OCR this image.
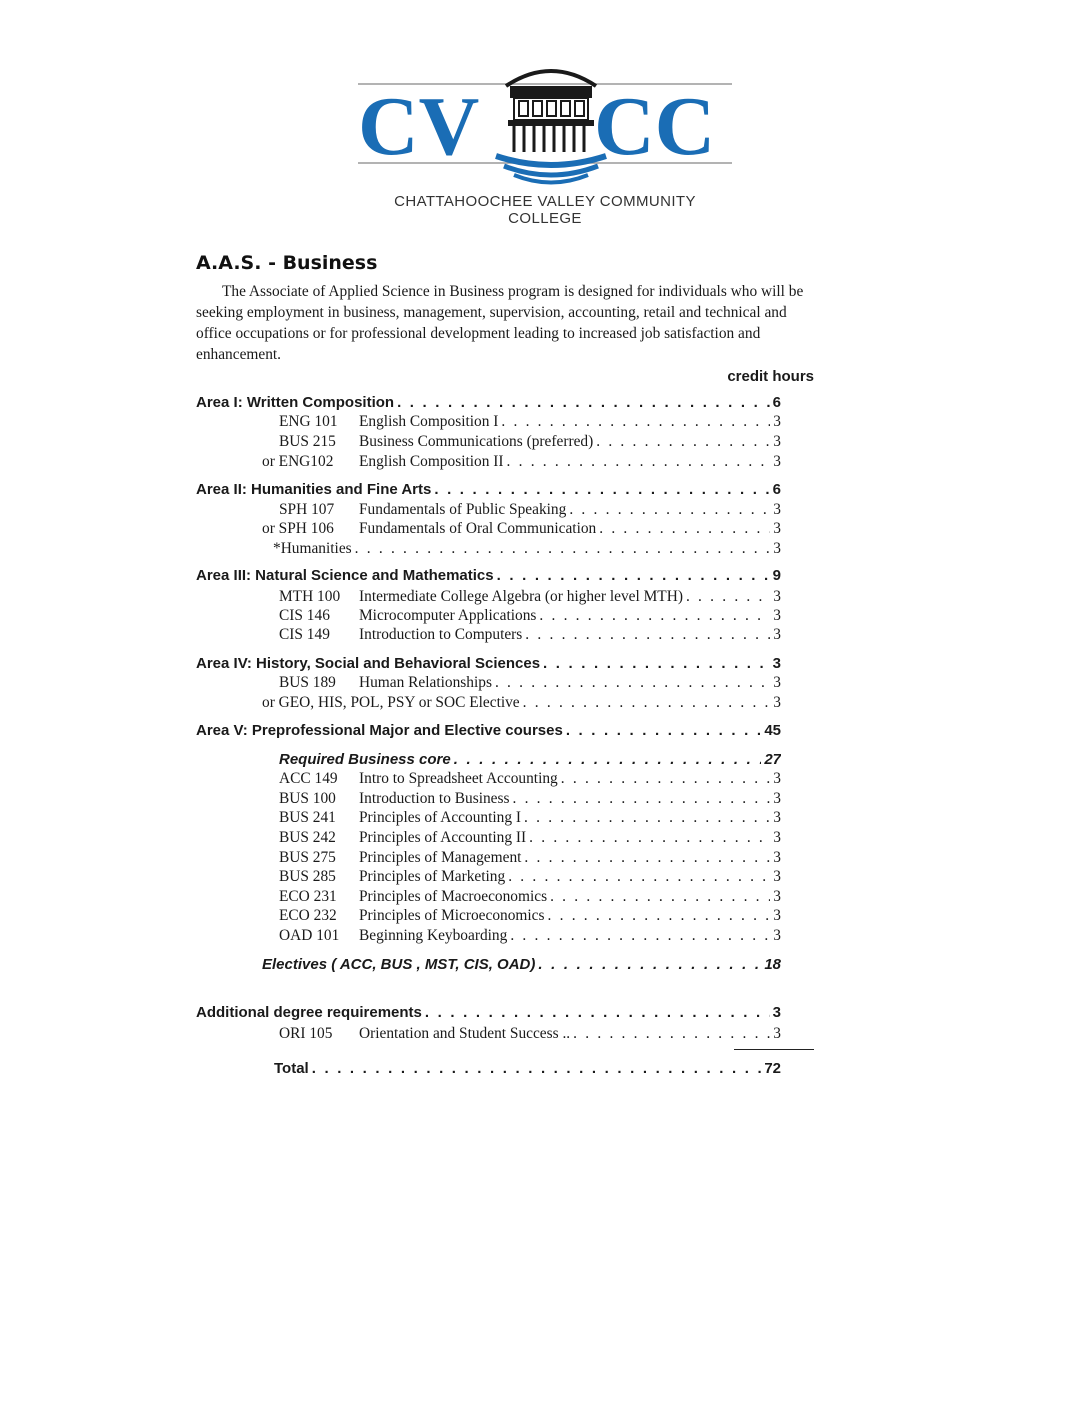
CV CC
CHATTAHOOCHEE VALLEY COMMUNITY COLLEGE
A.A.S. - Business

The Associate of Applied Science in Business program is designed for individuals who will be seeking employment in business, management, supervision, accounting, retail and technical and office occupations or for professional development leading to increased job satisfaction and enhancement.

credit hours
Area I: Written Composition . . .	6
ENG 101 English Composition I . . .	3
BUS 215 Business Communications (preferred) . . .	3
or ENG102 English Composition II . . .	3
Area II: Humanities and Fine Arts . . .	6
SPH 107 Fundamentals of Public Speaking . . .	3
or SPH 106 Fundamentals of Oral Communication . . .	3
*Humanities . . .	3
Area III: Natural Science and Mathematics . . .	9
MTH 100 Intermediate College Algebra (or higher level MTH) . . .	3
CIS 146 Microcomputer Applications . . .	3
CIS 149 Introduction to Computers . . .	3
Area IV: History, Social and Behavioral Sciences . . .	3
BUS 189 Human Relationships . . .	3
or GEO, HIS, POL, PSY or SOC Elective . . .	3
Area V: Preprofessional Major and Elective courses . . .	45
Required Business core . . .	27
ACC 149 Intro to Spreadsheet Accounting . . .	3
BUS 100 Introduction to Business . . .	3
BUS 241 Principles of Accounting I . . .	3
BUS 242 Principles of Accounting II . . .	3
BUS 275 Principles of Management . . .	3
BUS 285 Principles of Marketing . . .	3
ECO 231 Principles of Macroeconomics . . .	3
ECO 232 Principles of Microeconomics . . .	3
OAD 101 Beginning Keyboarding . . .	3
Electives ( ACC, BUS , MST, CIS, OAD) . . .	18
Additional degree requirements . . .	3
ORI 105 Orientation and Student Success .. . . .	3
Total . . .	72
